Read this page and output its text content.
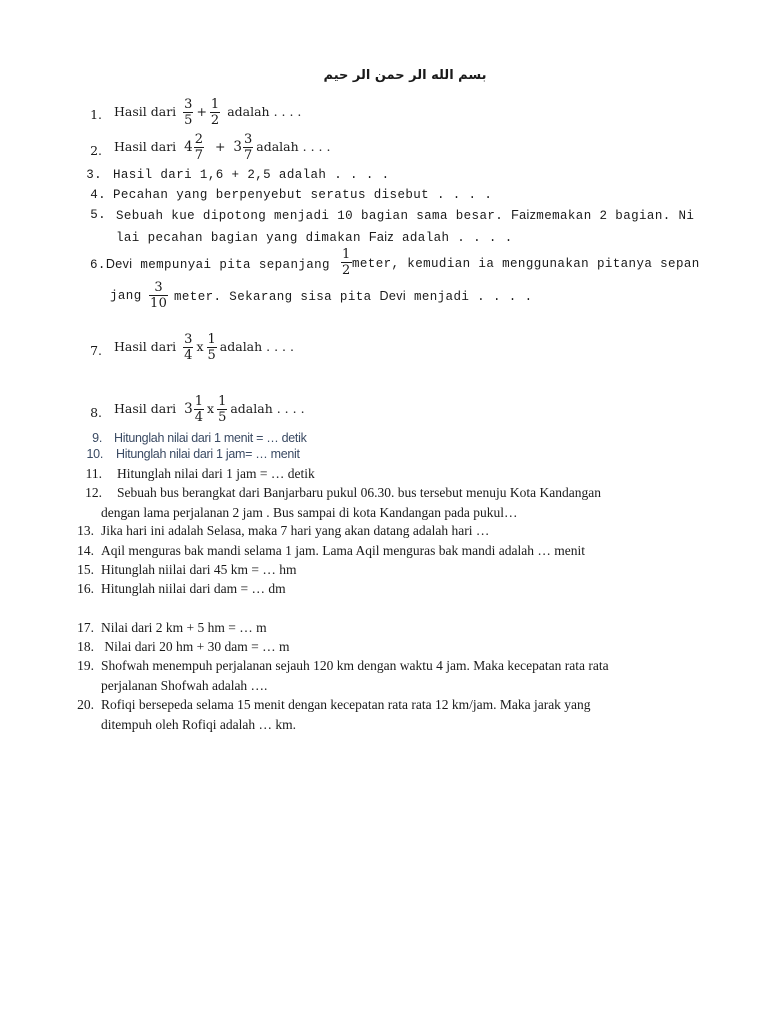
بسم الله الر حمن الر حيم
1. Hasil dari $\frac{3}{5} + \frac{1}{2}$ adalah . . . .
2. Hasil dari $4 \frac{2}{7} + 3 \frac{3}{7}$ adalah . . . .
3. Hasil dari 1,6 + 2,5 adalah . . . .
4. Pecahan yang berpenyebut seratus disebut . . . .
5. Sebuah kue dipotong menjadi 10 bagian sama besar. Faizmemakan 2 bagian. Ni
lai pecahan bagian yang dimakan Faiz adalah . . . .
6.Devi mempunyai pita sepanjang $\frac{1}{2}$ meter, kemudian ia menggunakan pitanya sepan
jang $\frac{3}{10}$ meter. Sekarang sisa pita Devi menjadi . . . .
7. Hasil dari $\frac{3}{4}$ x $\frac{1}{5}$ adalah . . . .
8. Hasil dari $3 \frac{1}{4}$ x $\frac{1}{5}$ adalah . . . .
9. Hitunglah nilai dari 1 menit = … detik
10. Hitunglah nilai dari 1 jam= … menit
11. Hitunglah nilai dari 1 jam = … detik
12. Sebuah bus berangkat dari Banjarbaru pukul 06.30. bus tersebut menuju Kota Kandangan
dengan lama perjalanan 2 jam . Bus sampai di kota Kandangan pada pukul…
13. Jika hari ini adalah Selasa, maka 7 hari yang akan datang adalah hari …
14. Aqil menguras bak mandi selama 1 jam. Lama Aqil menguras bak mandi adalah … menit
15. Hitunglah niilai dari 45 km = … hm
16. Hitunglah niilai dari dam = … dm
17. Nilai dari 2 km + 5 hm = … m
18. Nilai dari 20 hm + 30 dam = … m
19. Shofwah menempuh perjalanan sejauh 120 km dengan waktu 4 jam. Maka kecepatan rata rata
perjalanan Shofwah adalah ….
20. Rofiqi bersepeda selama 15 menit dengan kecepatan rata rata 12 km/jam. Maka jarak yang
ditempuh oleh Rofiqi adalah … km.
